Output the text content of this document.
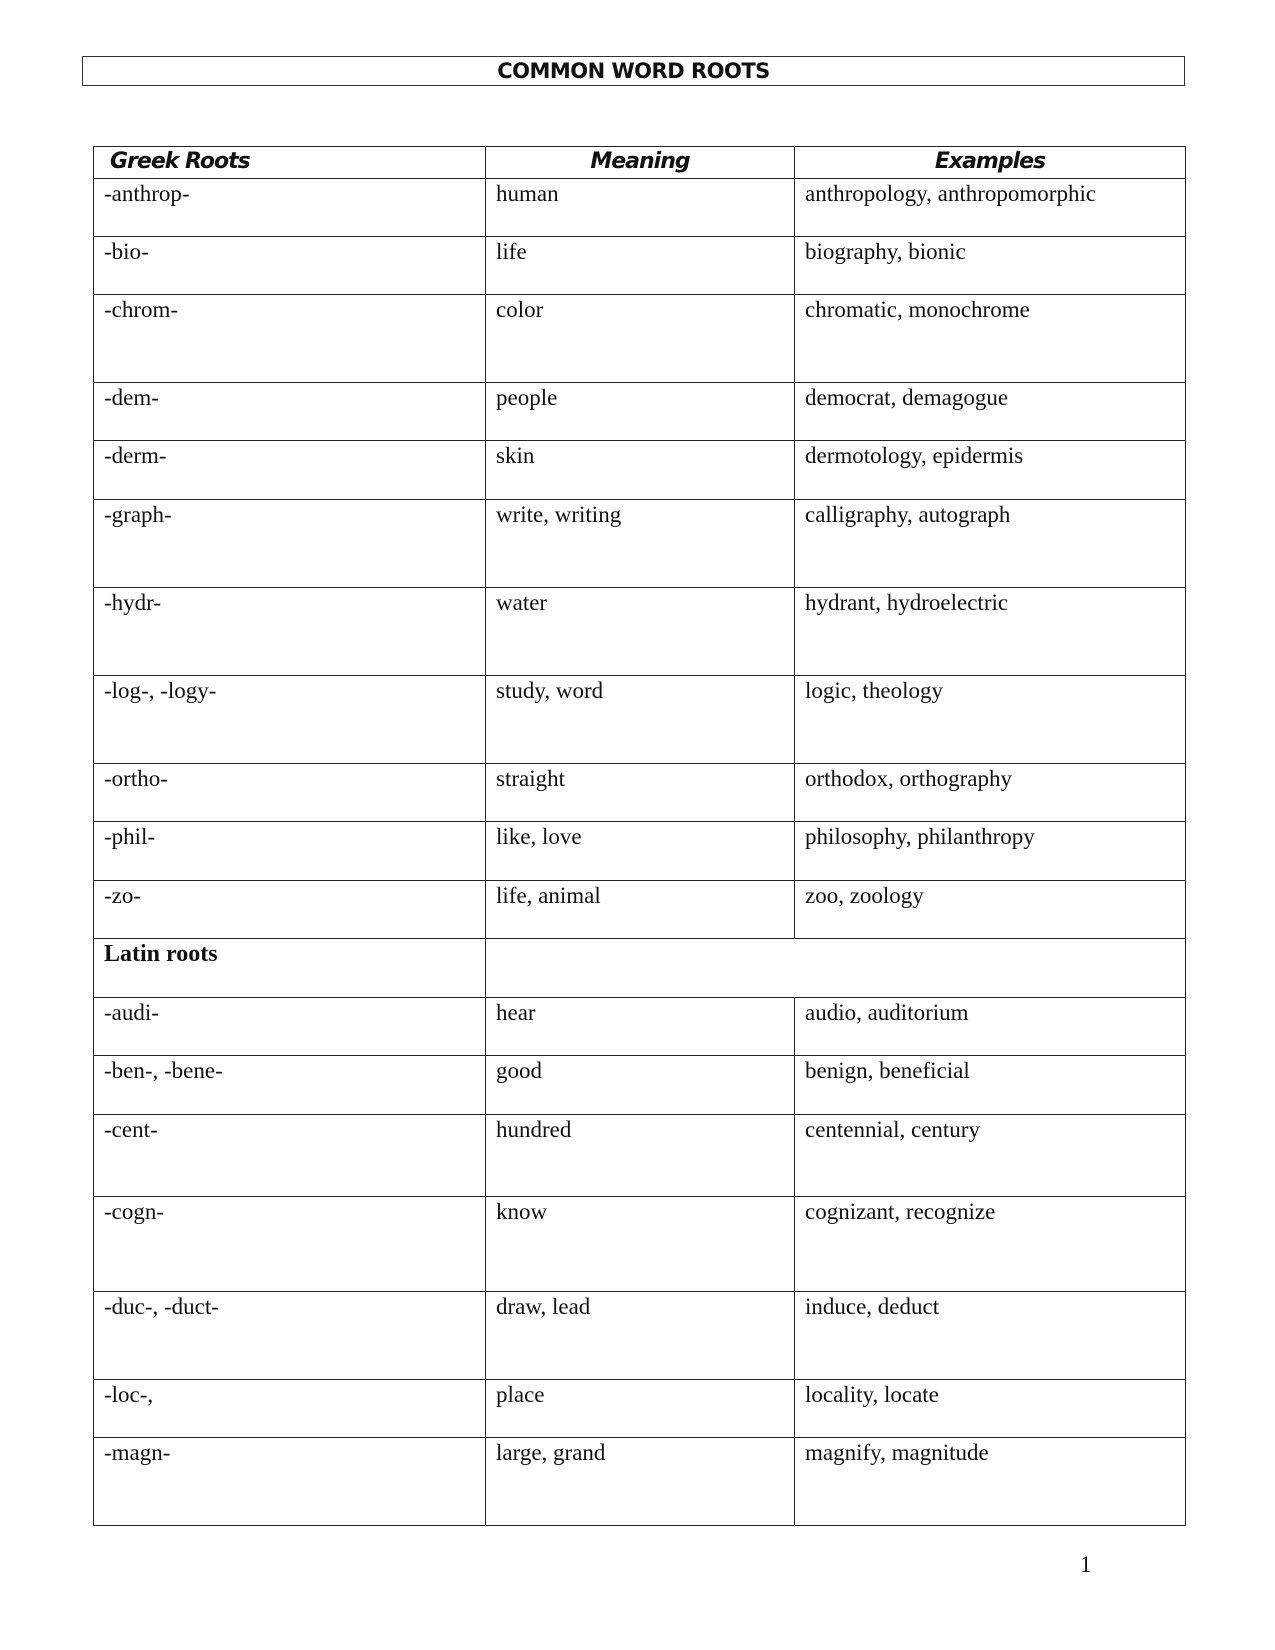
COMMON WORD ROOTS
Greek Roots	Meaning	Examples
-anthrop-	human	anthropology, anthropomorphic
-bio-	life	biography, bionic
-chrom-	color	chromatic, monochrome
-dem-	people	democrat, demagogue
-derm-	skin	dermotology, epidermis
-graph-	write, writing	calligraphy, autograph
-hydr-	water	hydrant, hydroelectric
-log-, -logy-	study, word	logic, theology
-ortho-	straight	orthodox, orthography
-phil-	like, love	philosophy, philanthropy
-zo-	life, animal	zoo, zoology
Latin roots		
-audi-	hear	audio, auditorium
-ben-, -bene-	good	benign, beneficial
-cent-	hundred	centennial, century
-cogn-	know	cognizant, recognize
-duc-, -duct-	draw, lead	induce, deduct
-loc-,	place	locality, locate
-magn-	large, grand	magnify, magnitude
1
